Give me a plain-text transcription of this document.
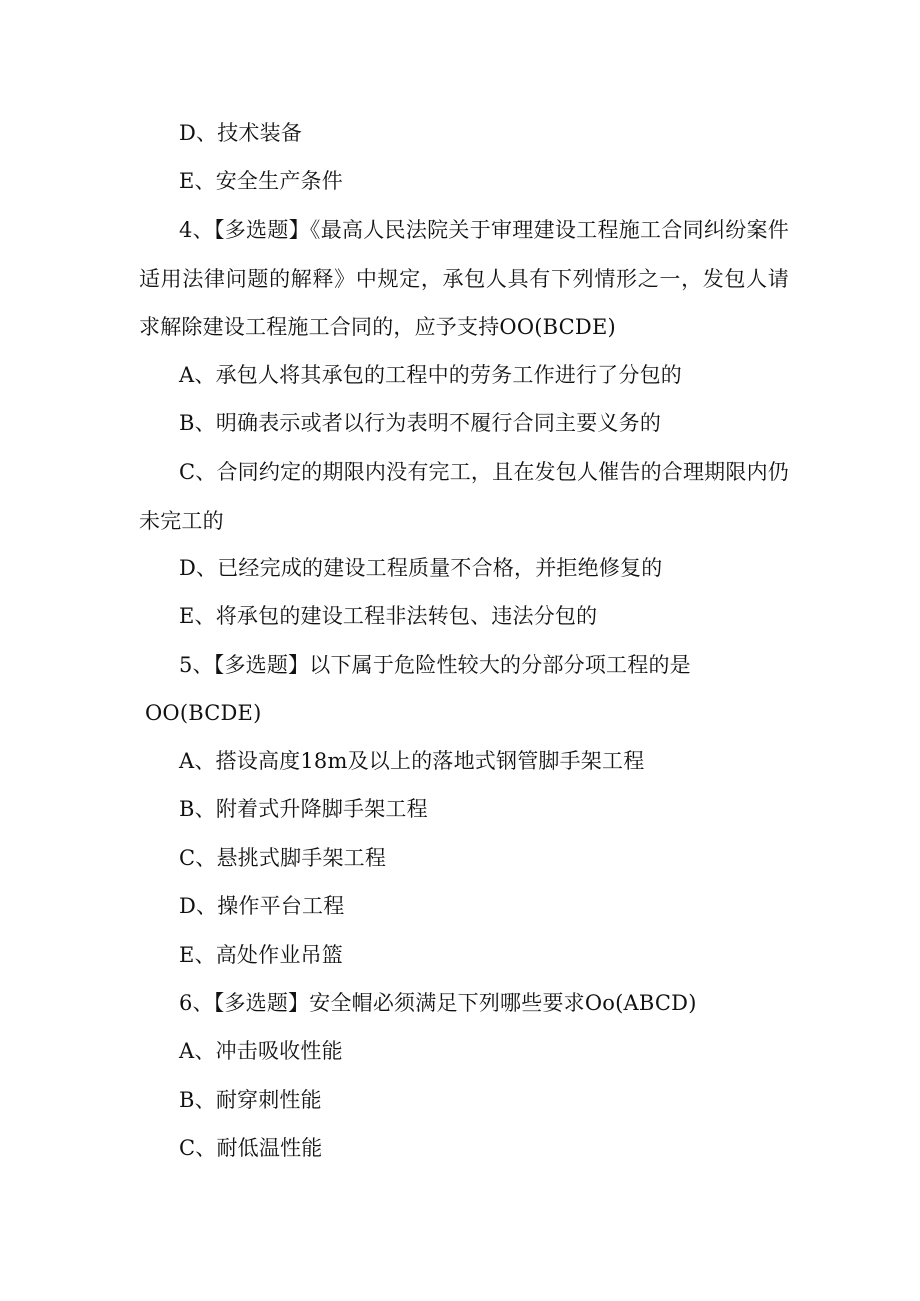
D、技术装备
E、安全生产条件
4、【多选题】《最高人民法院关于审理建设工程施工合同纠纷案件适用法律问题的解释》中规定，承包人具有下列情形之一，发包人请求解除建设工程施工合同的，应予支持OO(BCDE)
A、承包人将其承包的工程中的劳务工作进行了分包的
B、明确表示或者以行为表明不履行合同主要义务的
C、合同约定的期限内没有完工，且在发包人催告的合理期限内仍未完工的
D、已经完成的建设工程质量不合格，并拒绝修复的
E、将承包的建设工程非法转包、违法分包的
5、【多选题】以下属于危险性较大的分部分项工程的是
OO(BCDE)
A、搭设高度18m及以上的落地式钢管脚手架工程
B、附着式升降脚手架工程
C、悬挑式脚手架工程
D、操作平台工程
E、高处作业吊篮
6、【多选题】安全帽必须满足下列哪些要求Oo(ABCD)
A、冲击吸收性能
B、耐穿刺性能
C、耐低温性能
